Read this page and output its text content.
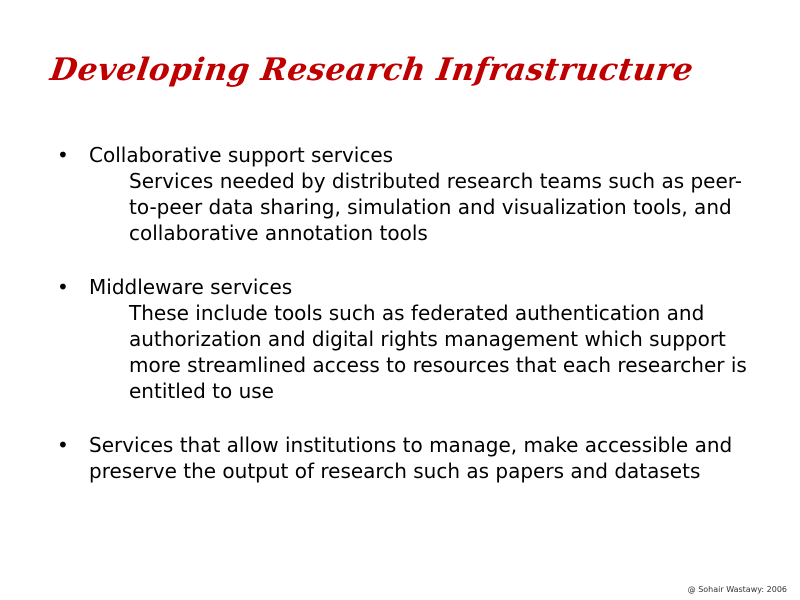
Developing Research Infrastructure
•	Collaborative support services
Services needed by distributed research teams such as peer-to-peer data sharing, simulation and visualization tools, and collaborative annotation tools
•	Middleware services
These include tools such as federated authentication and authorization and digital rights management which support more streamlined access to resources that each researcher is entitled to use
•	Services that allow institutions to manage, make accessible and preserve the output of research such as papers and datasets
@ Sohair Wastawy: 2006
